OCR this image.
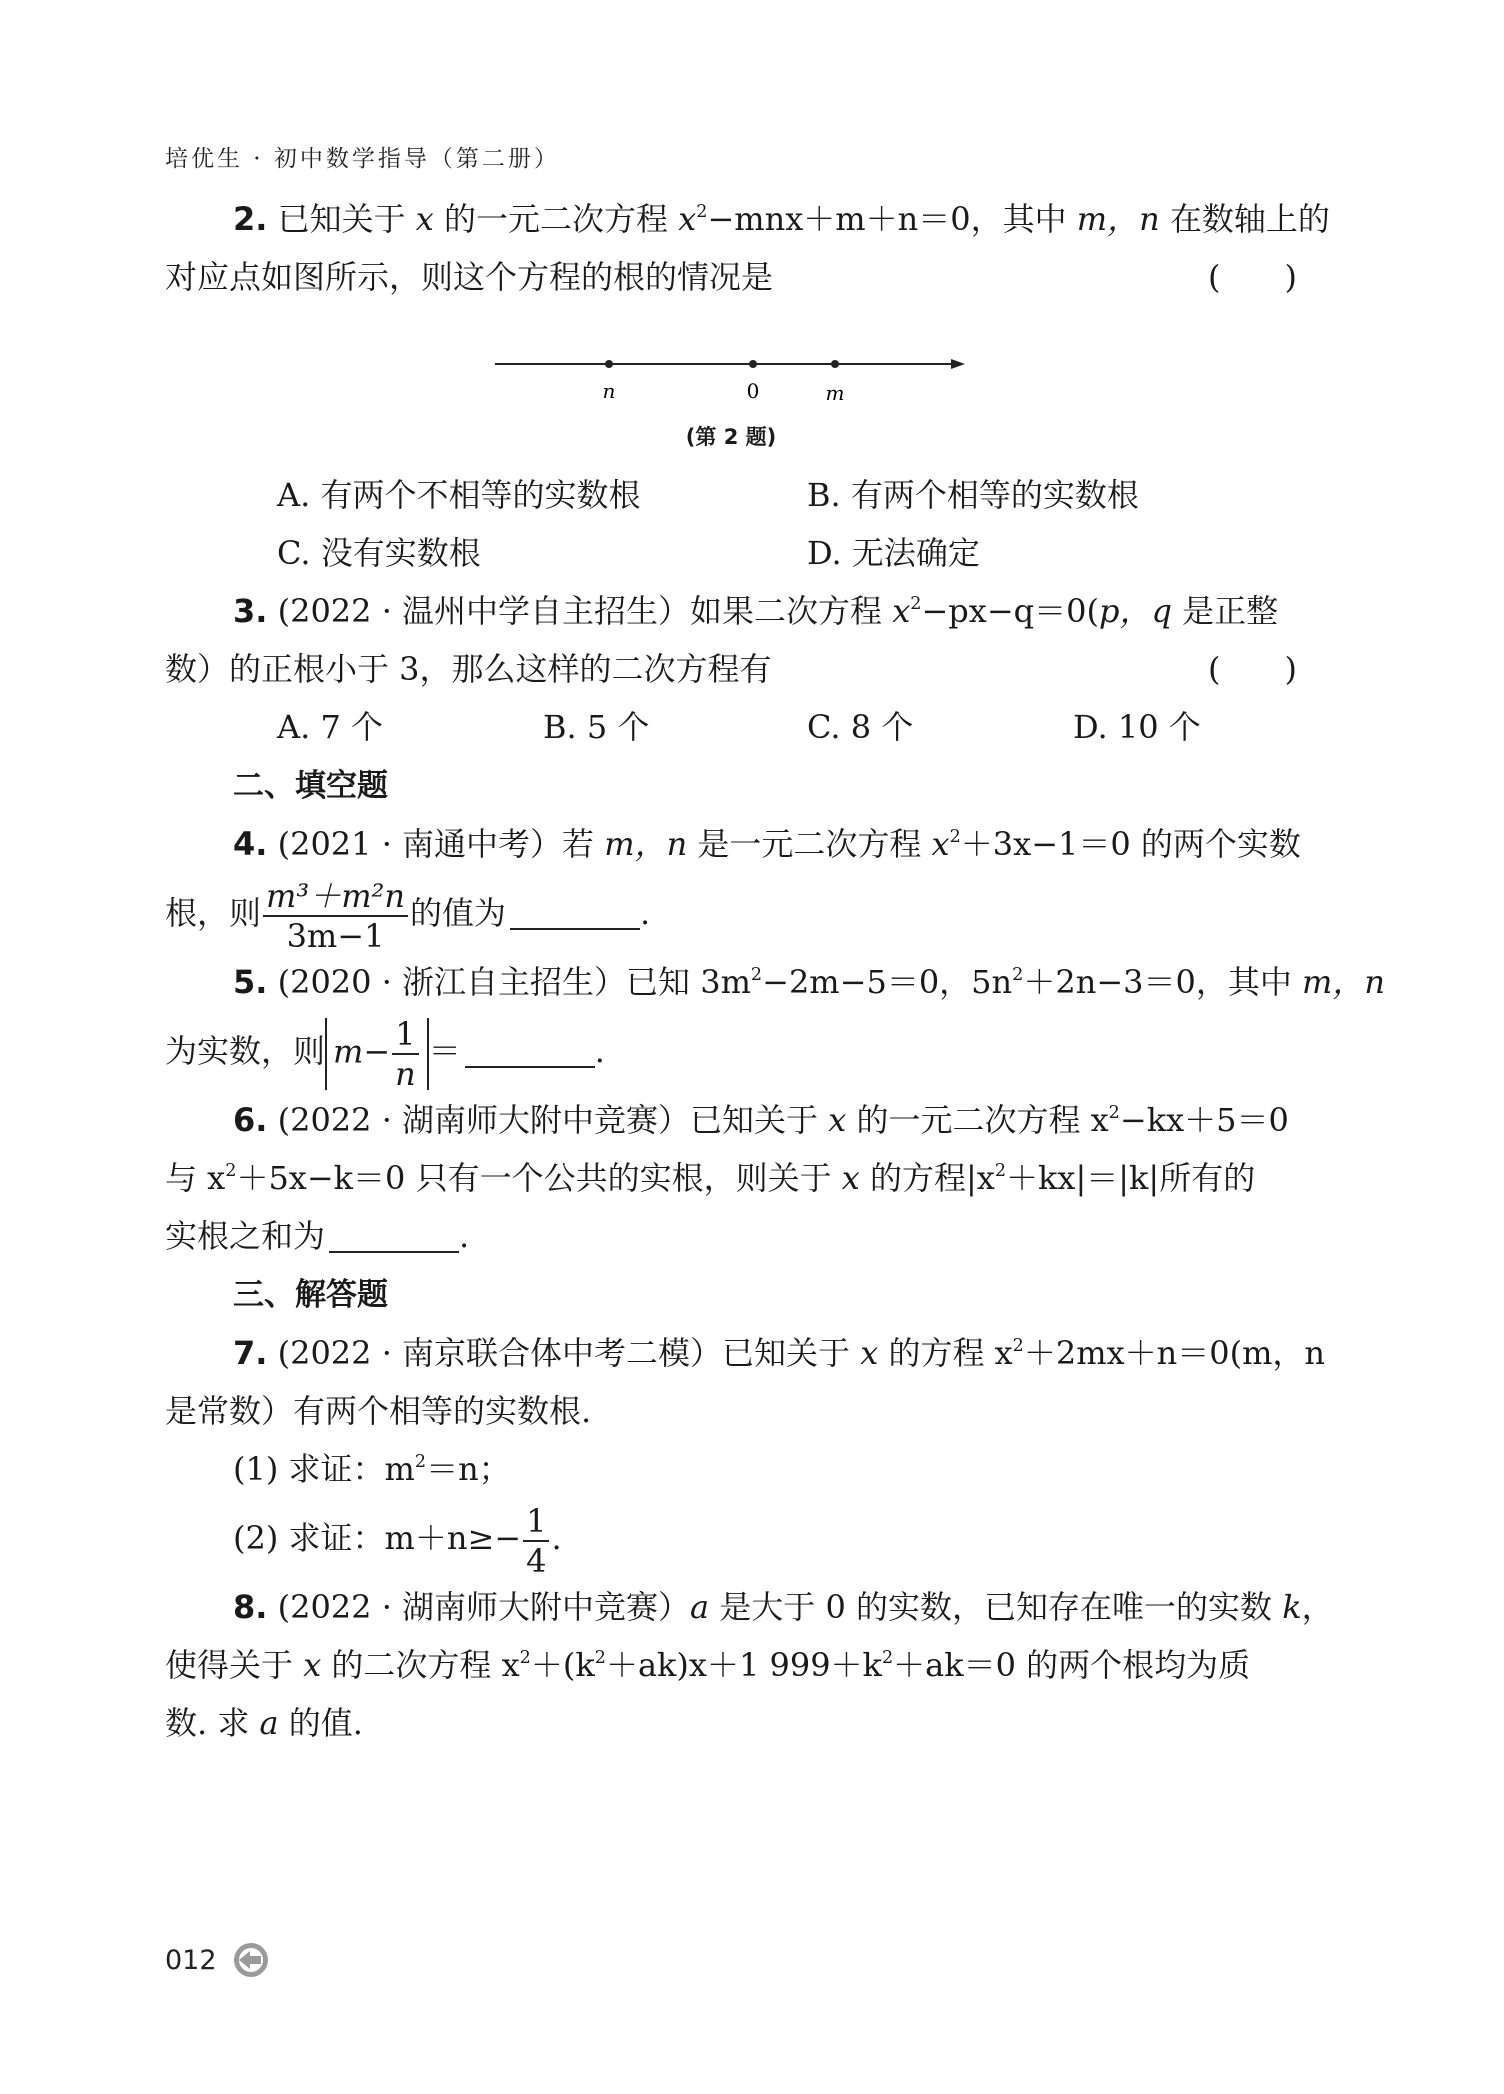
培优生 · 初中数学指导（第二册）
2. 已知关于 x 的一元二次方程 $x^2-mnx+m+n=0$，其中 m，n 在数轴上的
对应点如图所示，则这个方程的根的情况是	(　　)
n	0	m
(第 2 题)
A. 有两个不相等的实数根	B. 有两个相等的实数根
C. 没有实数根	D. 无法确定
3. (2022 · 温州中学自主招生）如果二次方程 $x^2-px-q=0(p$，q 是正整
数）的正根小于 3，那么这样的二次方程有	(　　)
A. 7 个	B. 5 个	C. 8 个	D. 10 个
二、填空题
4. (2021 · 南通中考）若 m，n 是一元二次方程 $x^2+3x-1=0$ 的两个实数
根，则 $\frac{\text{m³＋m²n}}{3m-1}$ 的值为	.
5. (2020 · 浙江自主招生）已知 $3m^2-2m-5=0$，$5n^2+2n-3=0$，其中 m，n
为实数，则 $m- \frac{1}{n}$ ＝	.
6. (2022 · 湖南师大附中竞赛）已知关于 x 的一元二次方程 $x^2-kx+5=0$
与 $x^2+5x-k=0$ 只有一个公共的实根，则关于 x 的方程$|x^2+kx|=|k|$所有的
实根之和为	.
三、解答题
7. (2022 · 南京联合体中考二模）已知关于 x 的方程 $x^2+2mx+n=0(m$，n
是常数）有两个相等的实数根.
(1) 求证：$m^2=n$；
(2) 求证：$m+n\ge- \frac{1}{4}$ .
8. (2022 · 湖南师大附中竞赛）a 是大于 0 的实数，已知存在唯一的实数 k，
使得关于 x 的二次方程 $x^2+(k^2+ak)x+1$ $999+k^2+ak=0$ 的两个根均为质
数. 求 a 的值.
012
